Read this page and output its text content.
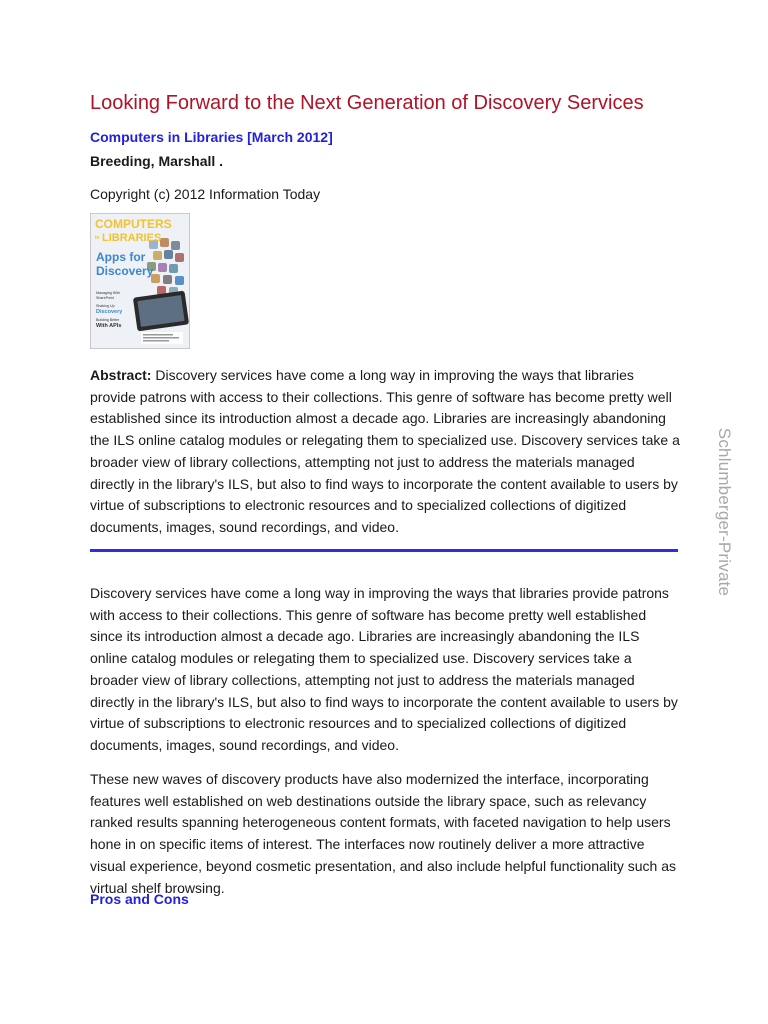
Looking Forward to the Next Generation of Discovery Services
Computers in Libraries [March 2012]
Breeding, Marshall .
Copyright (c) 2012 Information Today
COMPUTERS
in LIBRARIES
Apps for
Discovery
Managing With
SharePoint
Shaking Up
Discovery
Building Better
With APIs

Abstract: Discovery services have come a long way in improving the ways that libraries provide patrons with access to their collections. This genre of software has become pretty well established since its introduction almost a decade ago. Libraries are increasingly abandoning the ILS online catalog modules or relegating them to specialized use. Discovery services take a broader view of library collections, attempting not just to address the materials managed directly in the library's ILS, but also to find ways to incorporate the content available to users by virtue of subscriptions to electronic resources and to specialized collections of digitized documents, images, sound recordings, and video.

Discovery services have come a long way in improving the ways that libraries provide patrons with access to their collections. This genre of software has become pretty well established since its introduction almost a decade ago. Libraries are increasingly abandoning the ILS online catalog modules or relegating them to specialized use. Discovery services take a broader view of library collections, attempting not just to address the materials managed directly in the library's ILS, but also to find ways to incorporate the content available to users by virtue of subscriptions to electronic resources and to specialized collections of digitized documents, images, sound recordings, and video.

These new waves of discovery products have also modernized the interface, incorporating features well established on web destinations outside the library space, such as relevancy ranked results spanning heterogeneous content formats, with faceted navigation to help users hone in on specific items of interest. The interfaces now routinely deliver a more attractive visual experience, beyond cosmetic presentation, and also include helpful functionality such as virtual shelf browsing.

Pros and Cons
Schlumberger-Private
